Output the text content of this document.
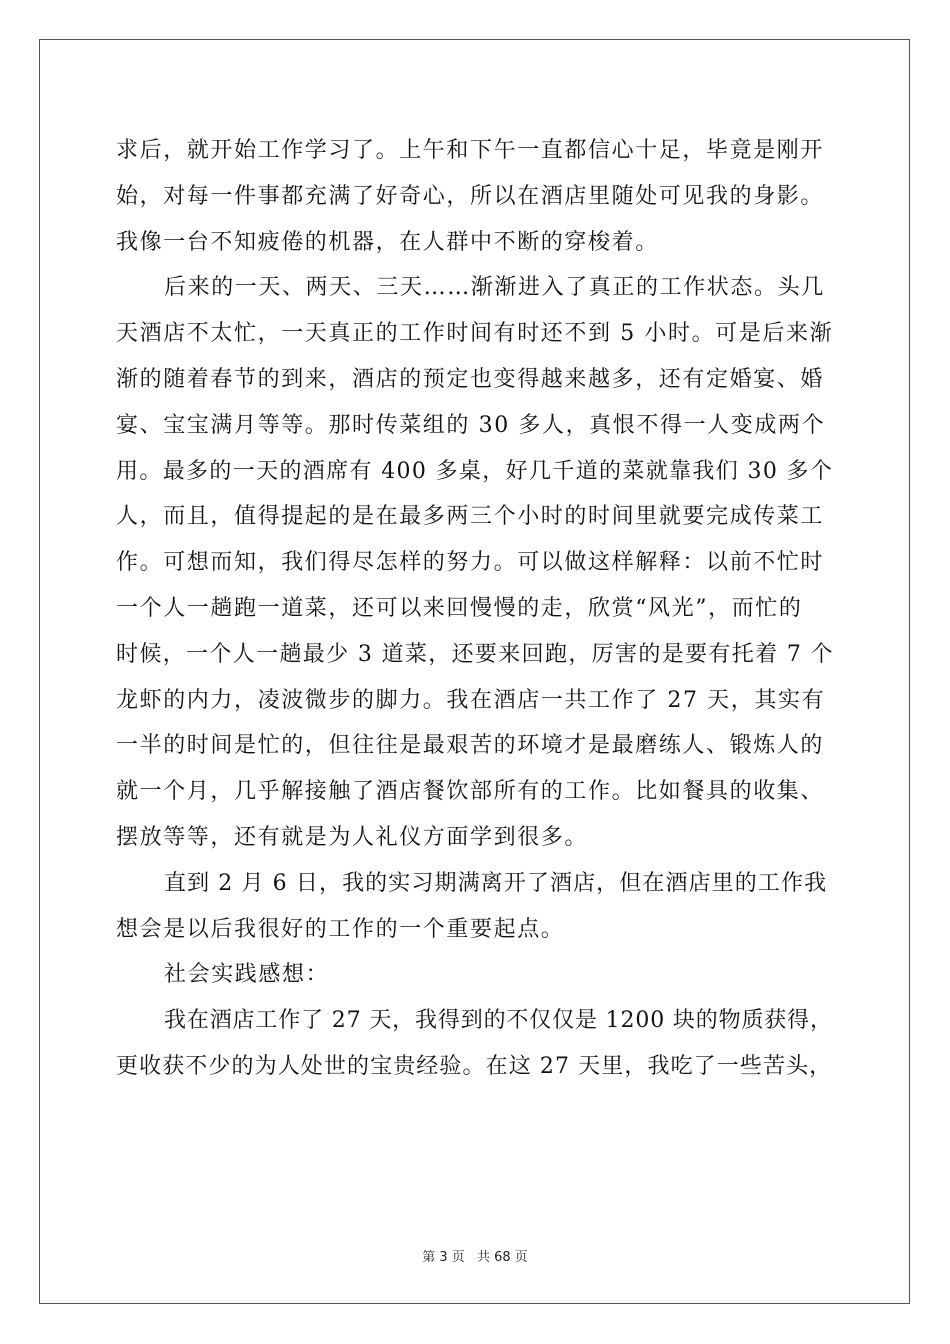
求后，就开始工作学习了。上午和下午一直都信心十足，毕竟是刚开
始，对每一件事都充满了好奇心，所以在酒店里随处可见我的身影。
我像一台不知疲倦的机器，在人群中不断的穿梭着。
后来的一天、两天、三天……渐渐进入了真正的工作状态。头几
天酒店不太忙，一天真正的工作时间有时还不到 5 小时。可是后来渐
渐的随着春节的到来，酒店的预定也变得越来越多，还有定婚宴、婚
宴、宝宝满月等等。那时传菜组的 30 多人，真恨不得一人变成两个
用。最多的一天的酒席有 400 多桌，好几千道的菜就靠我们 30 多个
人，而且，值得提起的是在最多两三个小时的时间里就要完成传菜工
作。可想而知，我们得尽怎样的努力。可以做这样解释：以前不忙时
一个人一趟跑一道菜，还可以来回慢慢的走，欣赏“风光”，而忙的
时候，一个人一趟最少 3 道菜，还要来回跑，厉害的是要有托着 7 个
龙虾的内力，凌波微步的脚力。我在酒店一共工作了 27 天，其实有
一半的时间是忙的，但往往是最艰苦的环境才是最磨练人、锻炼人的
就一个月，几乎解接触了酒店餐饮部所有的工作。比如餐具的收集、
摆放等等，还有就是为人礼仪方面学到很多。
直到 2 月 6 日，我的实习期满离开了酒店，但在酒店里的工作我
想会是以后我很好的工作的一个重要起点。
社会实践感想：
我在酒店工作了 27 天，我得到的不仅仅是 1200 块的物质获得，
更收获不少的为人处世的宝贵经验。在这 27 天里，我吃了一些苦头，
第 3 页 共 68 页
